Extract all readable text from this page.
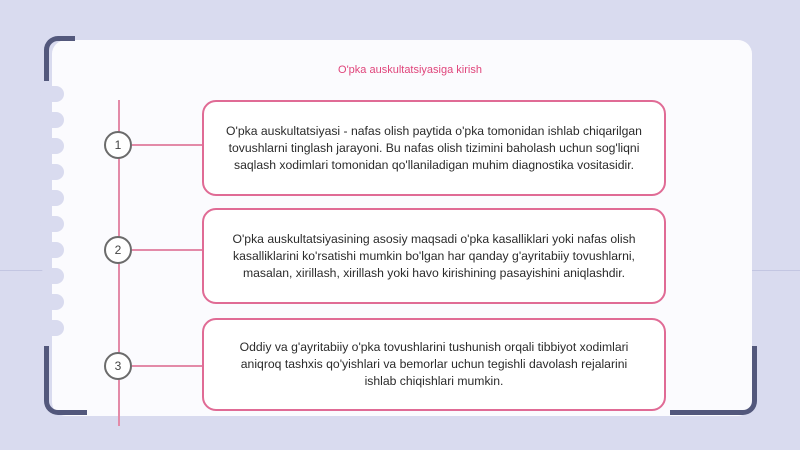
O'pka auskultatsiyasiga kirish
1
2
3
O'pka auskultatsiyasi - nafas olish paytida o'pka tomonidan ishlab chiqarilgan tovushlarni tinglash jarayoni. Bu nafas olish tizimini baholash uchun sog'liqni saqlash xodimlari tomonidan qo'llaniladigan muhim diagnostika vositasidir.
O'pka auskultatsiyasining asosiy maqsadi o'pka kasalliklari yoki nafas olish kasalliklarini ko'rsatishi mumkin bo'lgan har qanday g'ayritabiiy tovushlarni, masalan, xirillash, xirillash yoki havo kirishining pasayishini aniqlashdir.
Oddiy va g'ayritabiiy o'pka tovushlarini tushunish orqali tibbiyot xodimlari aniqroq tashxis qo'yishlari va bemorlar uchun tegishli davolash rejalarini ishlab chiqishlari mumkin.
